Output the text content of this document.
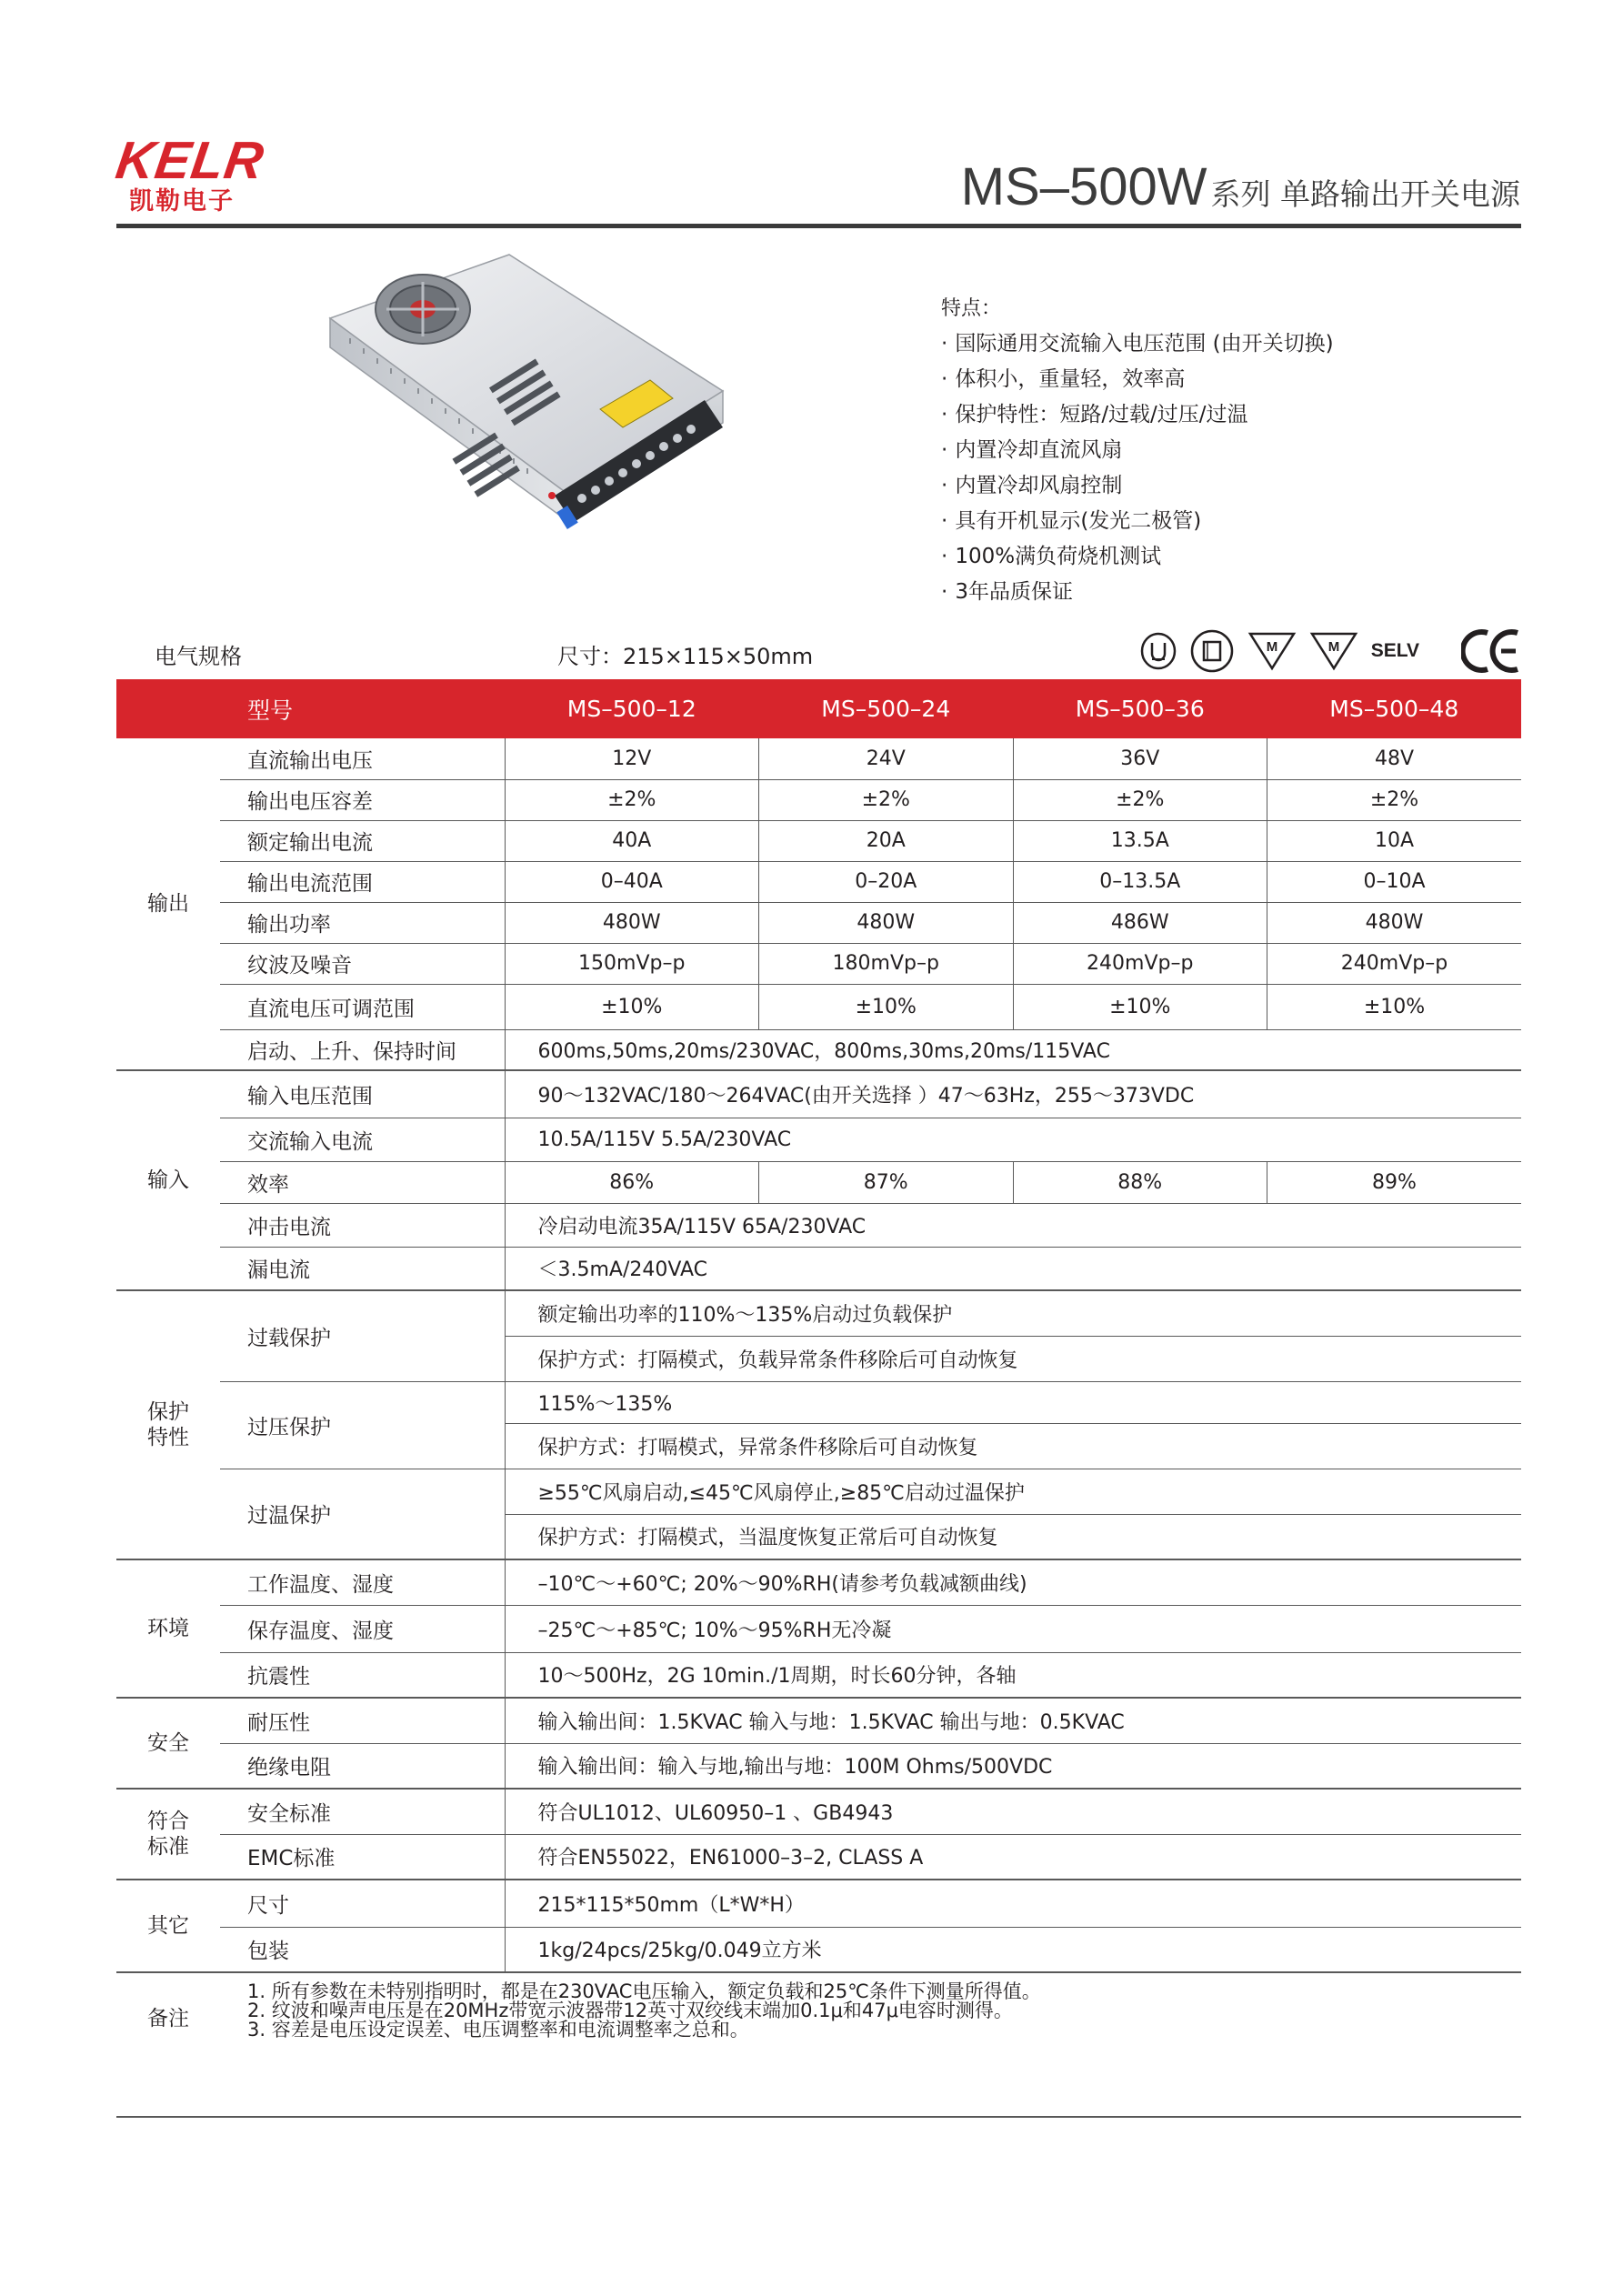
KELR
凯勒电子	MS–500W 系列 单路输出开关电源
特点：
· 国际通用交流输入电压范围 (由开关切换)
· 体积小，重量轻，效率高
· 保护特性：短路/过载/过压/过温
· 内置冷却直流风扇
· 内置冷却风扇控制
· 具有开机显示(发光二极管)
· 100%满负荷烧机测试
· 3年品质保证
电气规格	尺寸：215×115×50mm	M	M SELV
	型号	MS–500–12	MS–500–24	MS–500–36	MS–500–48
输出	直流输出电压	12V	24V	36V	48V
	输出电压容差	±2%	±2%	±2%	±2%
	额定输出电流	40A	20A	13.5A	10A
	输出电流范围	0–40A	0–20A	0–13.5A	0–10A
	输出功率	480W	480W	486W	480W
	纹波及噪音	150mVp–p	180mVp–p	240mVp–p	240mVp–p
	直流电压可调范围	±10%	±10%	±10%	±10%
	启动、上升、保持时间	600ms,50ms,20ms/230VAC，800ms,30ms,20ms/115VAC			
输入	输入电压范围	90～132VAC/180～264VAC(由开关选择 ）47～63Hz，255～373VDC			
	交流输入电流	10.5A/115V 5.5A/230VAC			
	效率	86%	87%	88%	89%
	冲击电流	冷启动电流35A/115V 65A/230VAC			
	漏电流	＜3.5mA/240VAC			

保护
特性	过载保护	额定输出功率的110%～135%启动过负载保护			
		保护方式：打隔模式，负载异常条件移除后可自动恢复			
	过压保护	115%～135%			
		保护方式：打嗝模式，异常条件移除后可自动恢复			
	过温保护	≥55℃风扇启动,≤45℃风扇停止,≥85℃启动过温保护			
		保护方式：打隔模式，当温度恢复正常后可自动恢复			
环境	工作温度、湿度	–10℃～+60℃; 20%～90%RH(请参考负载减额曲线)			
	保存温度、湿度	–25℃～+85℃; 10%～95%RH无冷凝			
	抗震性	10～500Hz，2G 10min./1周期，时长60分钟，各轴			
安全	耐压性	输入输出间：1.5KVAC 输入与地：1.5KVAC 输出与地：0.5KVAC			
	绝缘电阻	输入输出间：输入与地,输出与地：100M Ohms/500VDC			

符合
标准	安全标准	符合UL1012、UL60950–1 、GB4943			
	EMC标准	符合EN55022，EN61000–3–2, CLASS A			
其它	尺寸	215*115*50mm（L*W*H）			
	包装	1kg/24pcs/25kg/0.049立方米			
备注	1. 所有参数在未特别指明时，都是在230VAC电压输入，额定负载和25℃条件下测量所得值。
2. 纹波和噪声电压是在20MHz带宽示波器带12英寸双绞线末端加0.1μ和47μ电容时测得。
3. 容差是电压设定误差、电压调整率和电流调整率之总和。				
